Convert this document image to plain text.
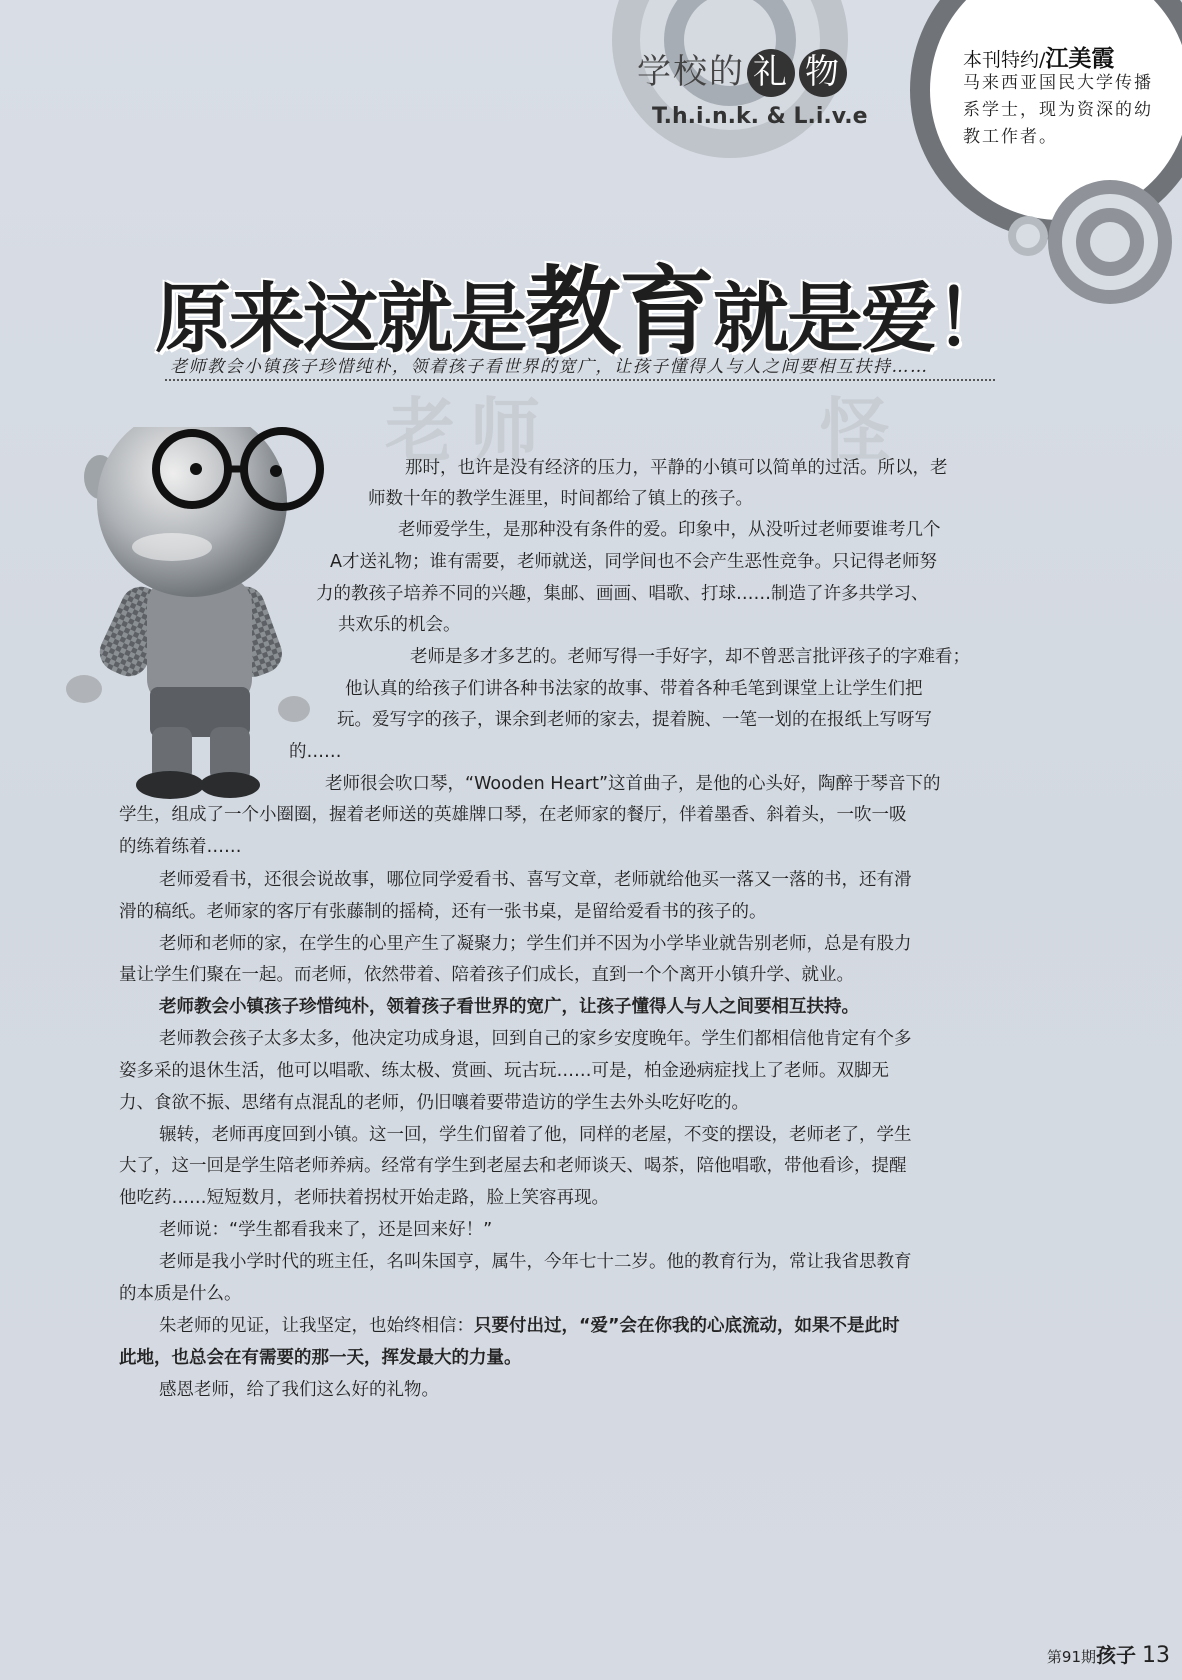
老 师	怪
学校的 礼 物
T.h.i.n.k. & L.i.v.e
本刊特约/江美霞
马来西亚国民大学传播系学士，现为资深的幼教工作者。
原来这就是教育就是爱！
老师教会小镇孩子珍惜纯朴，领着孩子看世界的宽广，让孩子懂得人与人之间要相互扶持……
那时，也许是没有经济的压力，平静的小镇可以简单的过活。所以，老
师数十年的教学生涯里，时间都给了镇上的孩子。
老师爱学生，是那种没有条件的爱。印象中，从没听过老师要谁考几个
A才送礼物；谁有需要，老师就送，同学间也不会产生恶性竞争。只记得老师努
力的教孩子培养不同的兴趣，集邮、画画、唱歌、打球……制造了许多共学习、
共欢乐的机会。
老师是多才多艺的。老师写得一手好字，却不曾恶言批评孩子的字难看；
他认真的给孩子们讲各种书法家的故事、带着各种毛笔到课堂上让学生们把
玩。爱写字的孩子，课余到老师的家去，提着腕、一笔一划的在报纸上写呀写
的……
老师很会吹口琴，“Wooden Heart”这首曲子，是他的心头好，陶醉于琴音下的
学生，组成了一个小圈圈，握着老师送的英雄牌口琴，在老师家的餐厅，伴着墨香、斜着头，一吹一吸
的练着练着……
老师爱看书，还很会说故事，哪位同学爱看书、喜写文章，老师就给他买一落又一落的书，还有滑
滑的稿纸。老师家的客厅有张藤制的摇椅，还有一张书桌，是留给爱看书的孩子的。
老师和老师的家，在学生的心里产生了凝聚力；学生们并不因为小学毕业就告别老师，总是有股力
量让学生们聚在一起。而老师，依然带着、陪着孩子们成长，直到一个个离开小镇升学、就业。
老师教会小镇孩子珍惜纯朴，领着孩子看世界的宽广，让孩子懂得人与人之间要相互扶持。
老师教会孩子太多太多，他决定功成身退，回到自己的家乡安度晚年。学生们都相信他肯定有个多
姿多采的退休生活，他可以唱歌、练太极、赏画、玩古玩……可是，柏金逊病症找上了老师。双脚无
力、食欲不振、思绪有点混乱的老师，仍旧嚷着要带造访的学生去外头吃好吃的。
辗转，老师再度回到小镇。这一回，学生们留着了他，同样的老屋，不变的摆设，老师老了，学生
大了，这一回是学生陪老师养病。经常有学生到老屋去和老师谈天、喝茶，陪他唱歌，带他看诊，提醒
他吃药……短短数月，老师扶着拐杖开始走路，脸上笑容再现。
老师说：“学生都看我来了，还是回来好！”
老师是我小学时代的班主任，名叫朱国亨，属牛，今年七十二岁。他的教育行为，常让我省思教育
的本质是什么。
朱老师的见证，让我坚定，也始终相信：只要付出过，“爱”会在你我的心底流动，如果不是此时
此地，也总会在有需要的那一天，挥发最大的力量。
感恩老师，给了我们这么好的礼物。
第91期孩子 13
